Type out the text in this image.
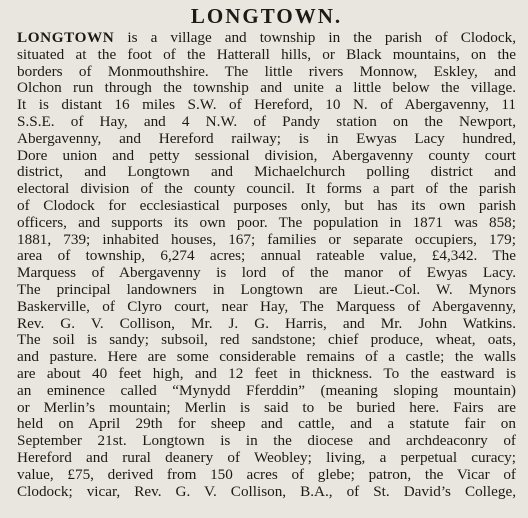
LONGTOWN.
LONGTOWN is a village and township in the parish of Clodock,
situated at the foot of the Hatterall hills, or Black mountains, on the
borders of Monmouthshire. The little rivers Monnow, Eskley, and
Olchon run through the township and unite a little below the village.
It is distant 16 miles S.W. of Hereford, 10 N. of Abergavenny, 11
S.S.E. of Hay, and 4 N.W. of Pandy station on the Newport,
Abergavenny, and Hereford railway; is in Ewyas Lacy hundred,
Dore union and petty sessional division, Abergavenny county court
district, and Longtown and Michaelchurch polling district and
electoral division of the county council. It forms a part of the parish
of Clodock for ecclesiastical purposes only, but has its own parish
officers, and supports its own poor. The population in 1871 was 858;
1881, 739; inhabited houses, 167; families or separate occupiers, 179;
area of township, 6,274 acres; annual rateable value, £4,342. The
Marquess of Abergavenny is lord of the manor of Ewyas Lacy.
The principal landowners in Longtown are Lieut.-Col. W. Mynors
Baskerville, of Clyro court, near Hay, The Marquess of Abergavenny,
Rev. G. V. Collison, Mr. J. G. Harris, and Mr. John Watkins.
The soil is sandy; subsoil, red sandstone; chief produce, wheat, oats,
and pasture. Here are some considerable remains of a castle; the walls
are about 40 feet high, and 12 feet in thickness. To the eastward is
an eminence called “Mynydd Fferddin” (meaning sloping mountain)
or Merlin’s mountain; Merlin is said to be buried here. Fairs are
held on April 29th for sheep and cattle, and a statute fair on
September 21st. Longtown is in the diocese and archdeaconry of
Hereford and rural deanery of Weobley; living, a perpetual curacy;
value, £75, derived from 150 acres of glebe; patron, the Vicar of
Clodock; vicar, Rev. G. V. Collison, B.A., of St. David’s College,
